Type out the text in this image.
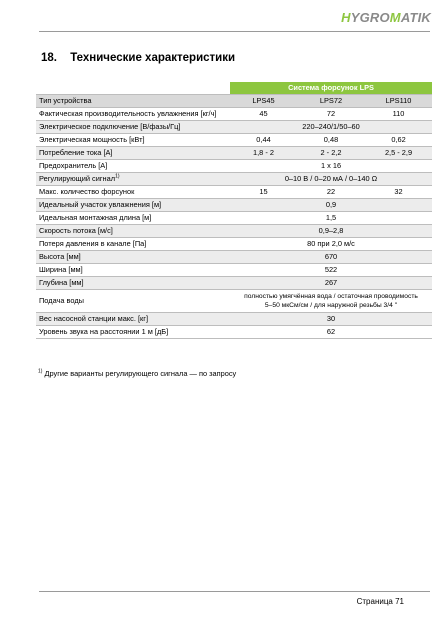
HYGROMATIK
18. Технические характеристики
	Система форсунок LPS		
Тип устройства	LPS45	LPS72	LPS110
Фактическая производительность увлажнения [кг/ч]	45	72	110
Электрическое подключение [В/фазы/Гц]	220–240/1/50–60		
Электрическая мощность [кВт]	0,44	0,48	0,62
Потребление тока [А]	1,8 - 2	2 - 2,2	2,5 - 2,9
Предохранитель [А]	1 x 16		
Регулирующий сигнал$^{1)}$	0–10 В / 0–20 мА / 0–140 Ω		
Макс. количество форсунок	15	22	32
Идеальный участок увлажнения [м]	0,9		
Идеальная монтажная длина [м]	1,5		
Скорость потока [м/с]	0,9–2,8		
Потеря давления в канале [Па]	80 при 2,0 м/с		
Высота [мм]	670		
Ширина [мм]	522		
Глубина [мм]	267		
Подача воды	полностью умягчённая вода / остаточная проводимость
5–50 мкСм/см / для наружной резьбы 3/4 "		

Вес насосной станции макс. [кг]	30		
Уровень звука на расстоянии 1 м [дБ]	62		
$^{1)}$ Другие варианты регулирующего сигнала — по запросу
Страница 71
